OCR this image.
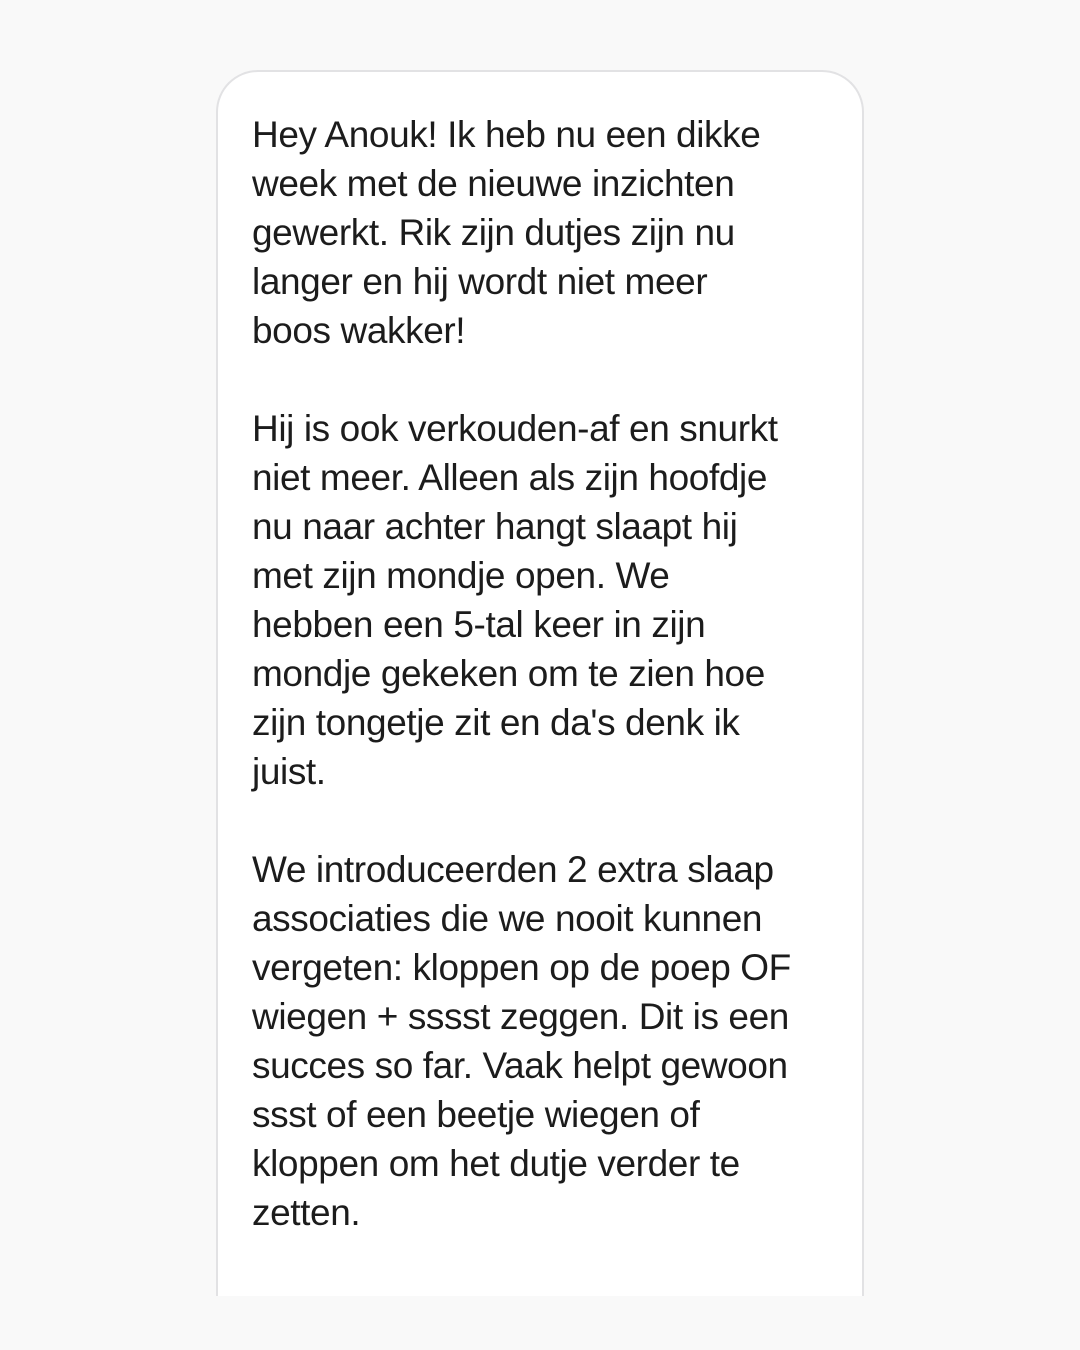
Hey Anouk! Ik heb nu een dikke
week met de nieuwe inzichten
gewerkt. Rik zijn dutjes zijn nu
langer en hij wordt niet meer
boos wakker!
Hij is ook verkouden-af en snurkt
niet meer. Alleen als zijn hoofdje
nu naar achter hangt slaapt hij
met zijn mondje open. We
hebben een 5-tal keer in zijn
mondje gekeken om te zien hoe
zijn tongetje zit en da's denk ik
juist.
We introduceerden 2 extra slaap
associaties die we nooit kunnen
vergeten: kloppen op de poep OF
wiegen + sssst zeggen. Dit is een
succes so far. Vaak helpt gewoon
ssst of een beetje wiegen of
kloppen om het dutje verder te
zetten.
